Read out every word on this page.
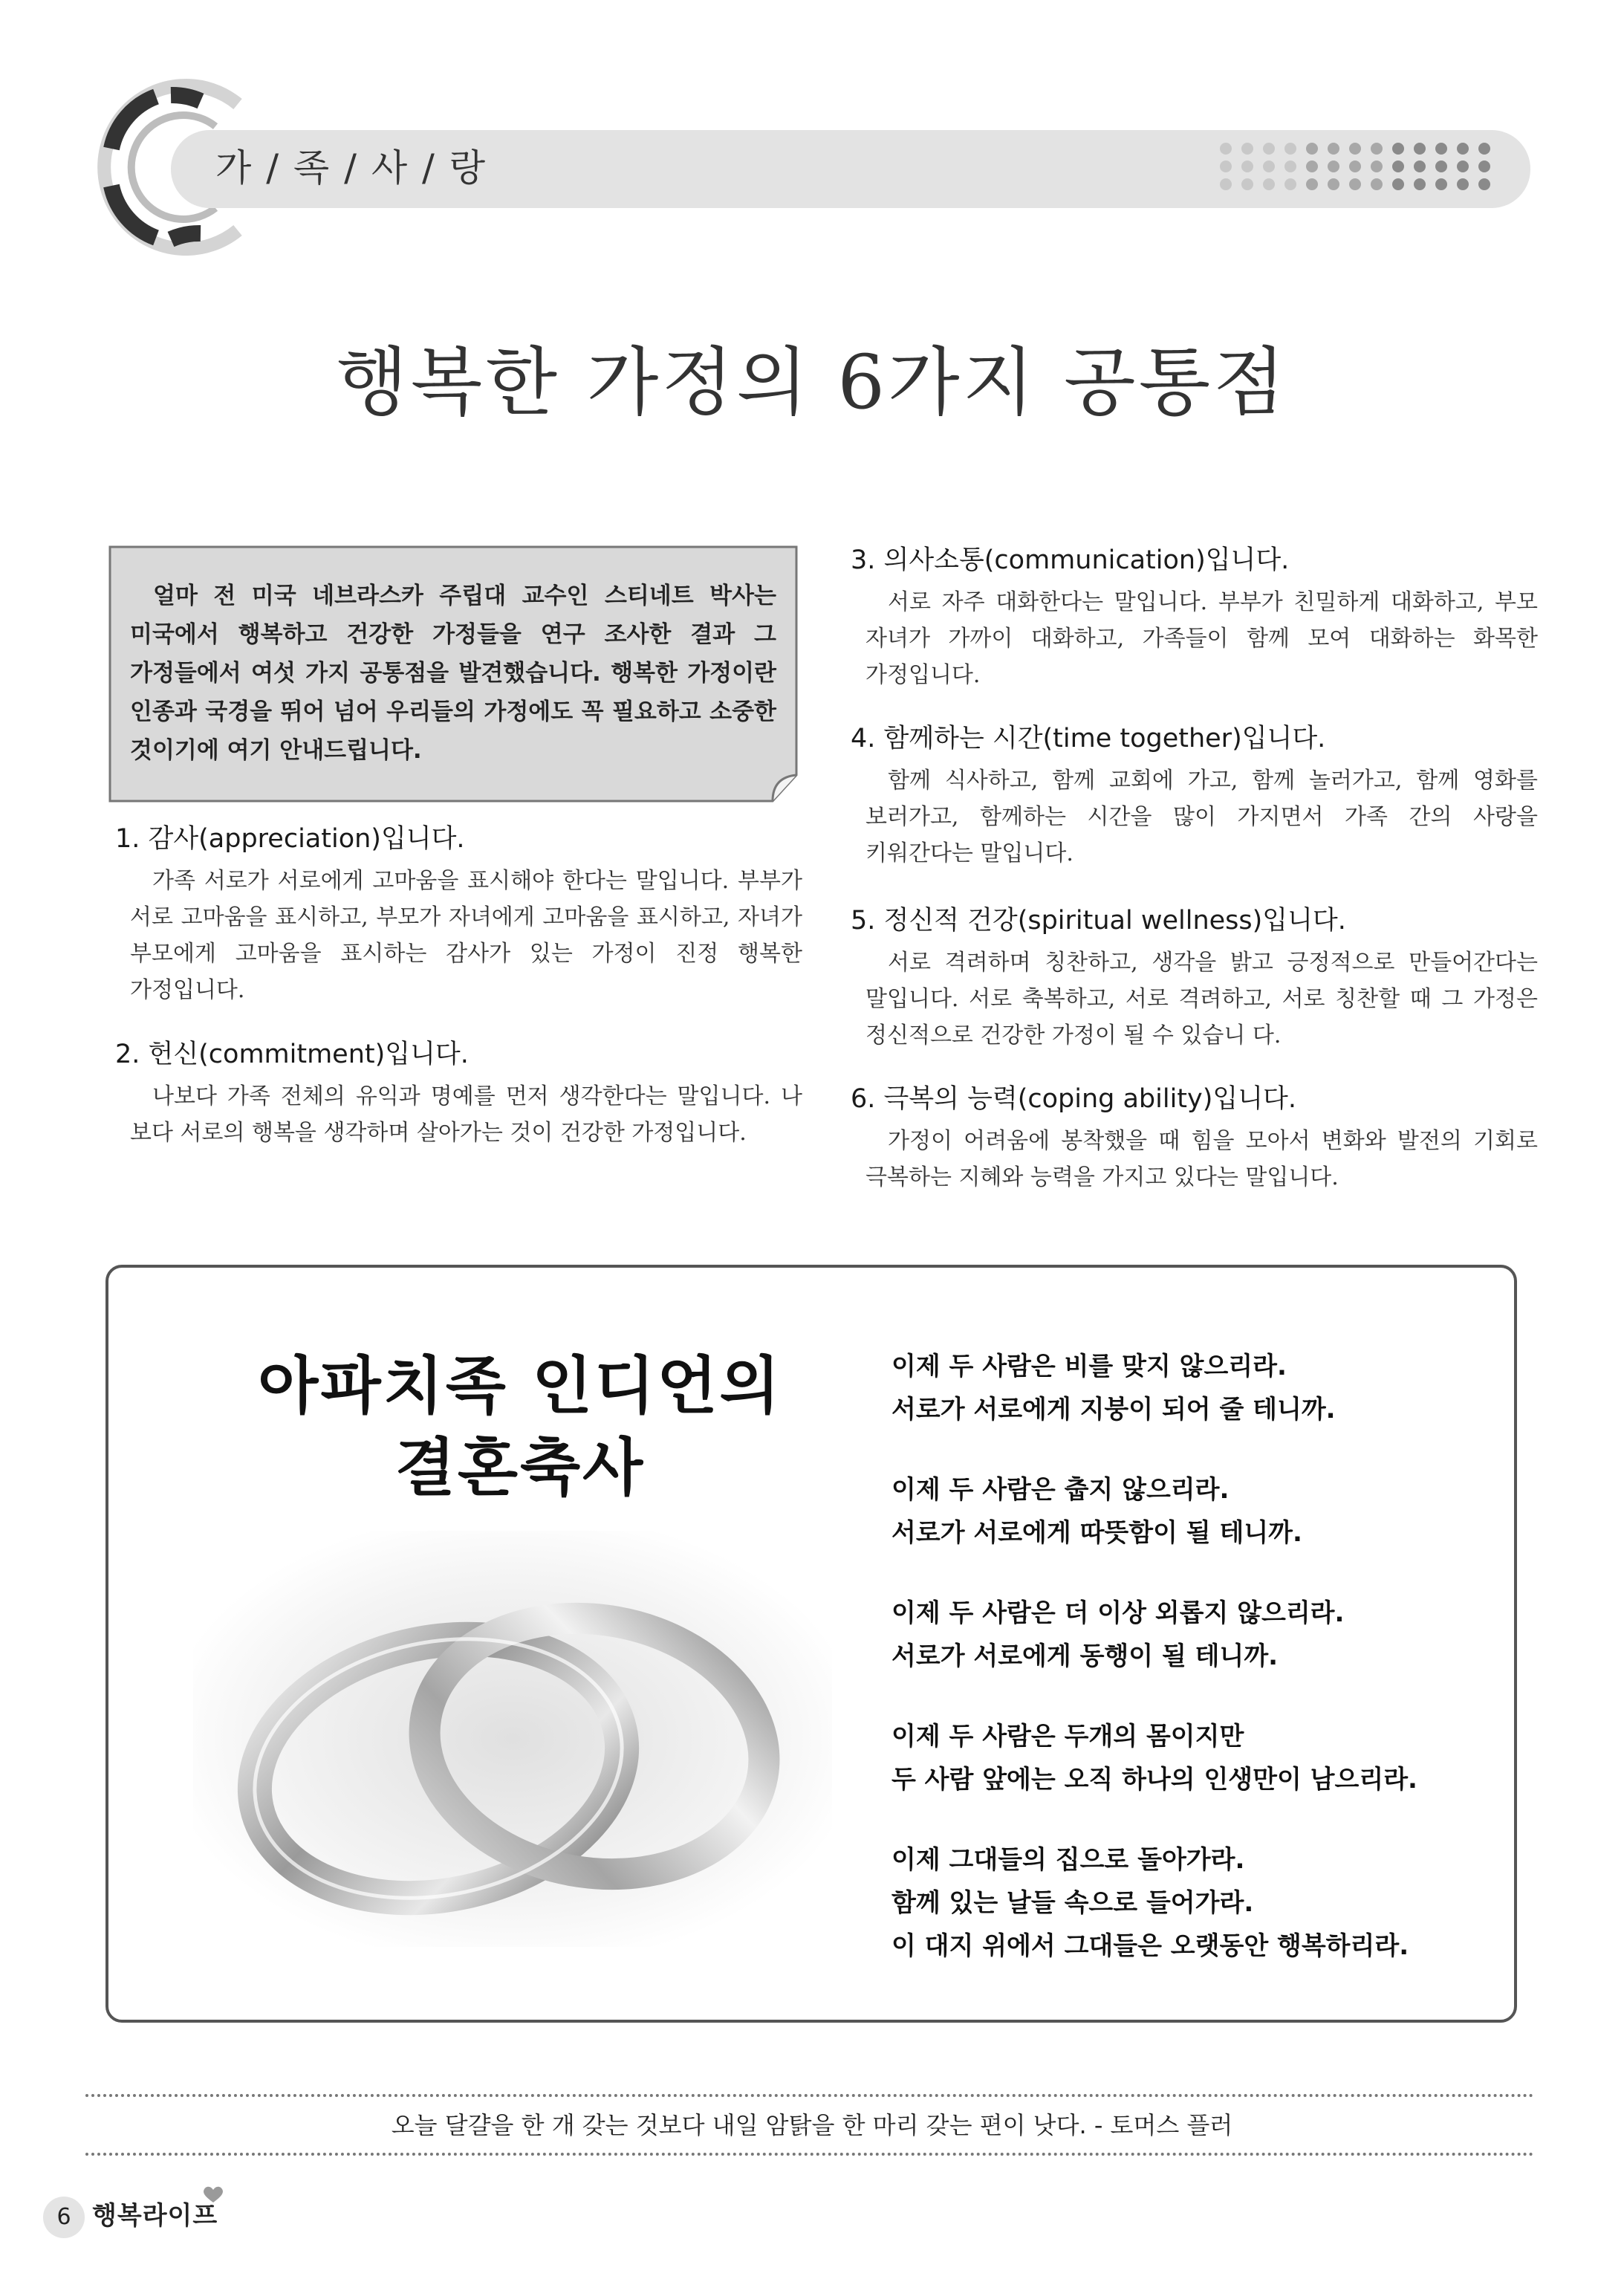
가 / 족 / 사 / 랑
행복한 가정의 6가지 공통점
얼마 전 미국 네브라스카 주립대 교수인 스티네트 박사는 미국에서 행복하고 건강한 가정들을 연구 조사한 결과 그 가정들에서 여섯 가지 공통점을 발견했습니다. 행복한 가정이란 인종과 국경을 뛰어 넘어 우리들의 가정에도 꼭 필요하고 소중한 것이기에 여기 안내드립니다.
1. 감사(appreciation)입니다.

가족 서로가 서로에게 고마움을 표시해야 한다는 말입니다. 부부가 서로 고마움을 표시하고, 부모가 자녀에게 고마움을 표시하고, 자녀가 부모에게 고마움을 표시하는 감사가 있는 가정이 진정 행복한 가정입니다.

2. 헌신(commitment)입니다.

나보다 가족 전체의 유익과 명예를 먼저 생각한다는 말입니다. 나 보다 서로의 행복을 생각하며 살아가는 것이 건강한 가정입니다.

3. 의사소통(communication)입니다.

서로 자주 대화한다는 말입니다. 부부가 친밀하게 대화하고, 부모 자녀가 가까이 대화하고, 가족들이 함께 모여 대화하는 화목한 가정입니다.

4. 함께하는 시간(time together)입니다.

함께 식사하고, 함께 교회에 가고, 함께 놀러가고, 함께 영화를 보러가고, 함께하는 시간을 많이 가지면서 가족 간의 사랑을 키워간다는 말입니다.

5. 정신적 건강(spiritual wellness)입니다.

서로 격려하며 칭찬하고, 생각을 밝고 긍정적으로 만들어간다는 말입니다. 서로 축복하고, 서로 격려하고, 서로 칭찬할 때 그 가정은 정신적으로 건강한 가정이 될 수 있습니 다.

6. 극복의 능력(coping ability)입니다.

가정이 어려움에 봉착했을 때 힘을 모아서 변화와 발전의 기회로 극복하는 지혜와 능력을 가지고 있다는 말입니다.

아파치족 인디언의
결혼축사
이제 두 사람은 비를 맞지 않으리라.
서로가 서로에게 지붕이 되어 줄 테니까.
이제 두 사람은 춥지 않으리라.
서로가 서로에게 따뜻함이 될 테니까.
이제 두 사람은 더 이상 외롭지 않으리라.
서로가 서로에게 동행이 될 테니까.
이제 두 사람은 두개의 몸이지만
두 사람 앞에는 오직 하나의 인생만이 남으리라.
이제 그대들의 집으로 돌아가라.
함께 있는 날들 속으로 들어가라.
이 대지 위에서 그대들은 오랫동안 행복하리라.
오늘 달걀을 한 개 갖는 것보다 내일 암탉을 한 마리 갖는 편이 낫다. - 토머스 플러
6 행복라이프
